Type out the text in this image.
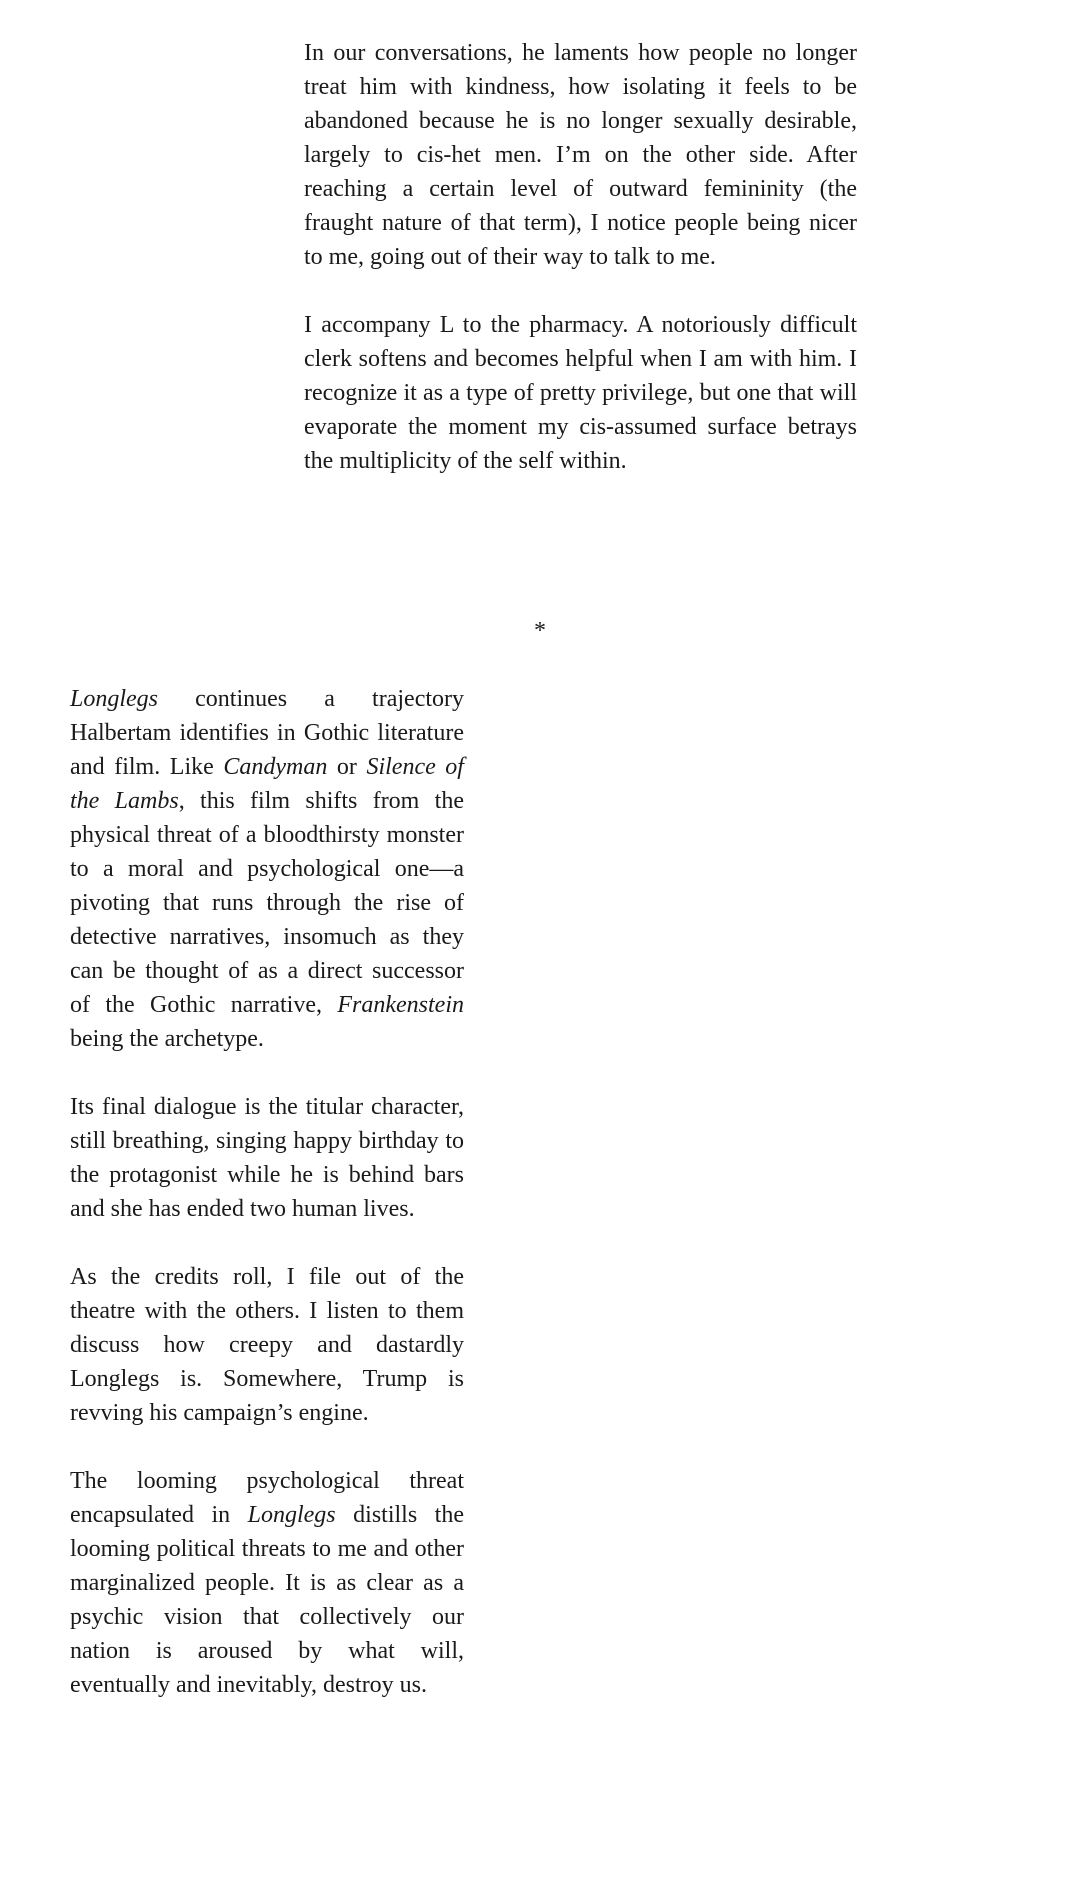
In our conversations, he laments how people no longer treat him with kindness, how isolating it feels to be abandoned because he is no longer sexually desirable, largely to cis-het men. I’m on the other side. After reaching a certain level of outward femininity (the fraught nature of that term), I notice people being nicer to me, going out of their way to talk to me.

I accompany L to the pharmacy. A notoriously difficult clerk softens and becomes helpful when I am with him. I recognize it as a type of pretty privilege, but one that will evaporate the moment my cis-assumed surface betrays the multiplicity of the self within.

*

Longlegs continues a trajectory Halbertam identifies in Gothic literature and film. Like Candyman or Silence of the Lambs, this film shifts from the physical threat of a bloodthirsty monster to a moral and psychological one—a pivoting that runs through the rise of detective narratives, insomuch as they can be thought of as a direct successor of the Gothic narrative, Frankenstein being the archetype.

Its final dialogue is the titular character, still breathing, singing happy birthday to the protagonist while he is behind bars and she has ended two human lives.

As the credits roll, I file out of the theatre with the others. I listen to them discuss how creepy and dastardly Longlegs is. Somewhere, Trump is revving his campaign’s engine.

The looming psychological threat encapsulated in Longlegs distills the looming political threats to me and other marginalized people. It is as clear as a psychic vision that collectively our nation is aroused by what will, eventually and inevitably, destroy us.
